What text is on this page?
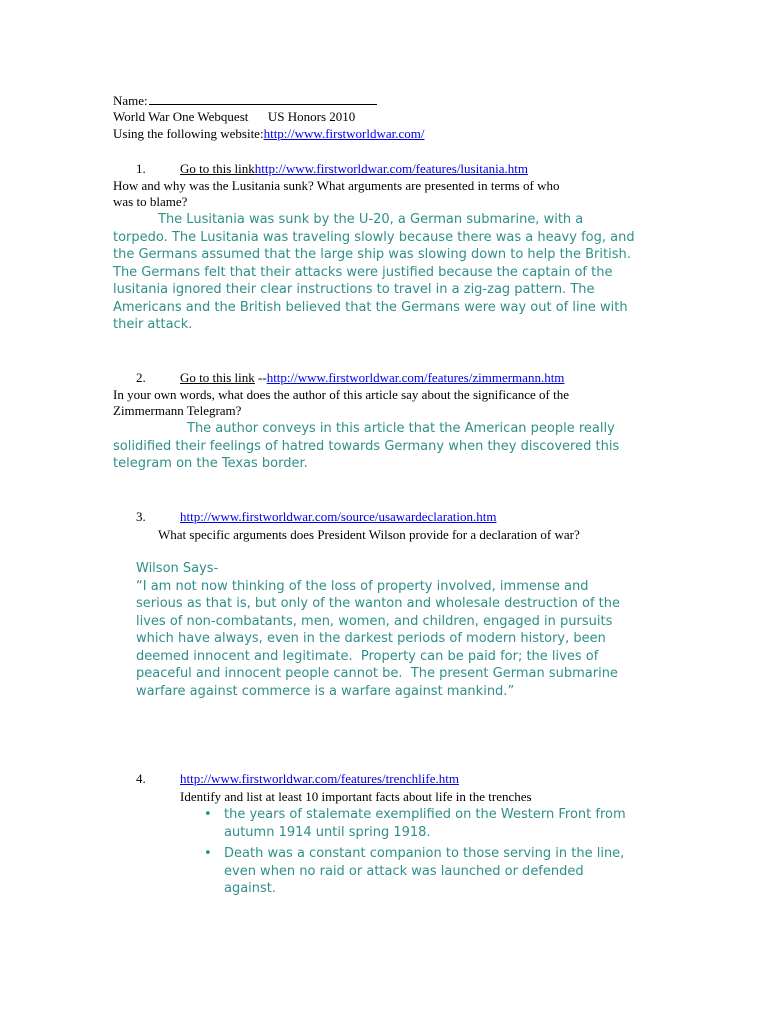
Name:
World War One Webquest      US Honors 2010
Using the following website:http://www.firstworldwar.com/
1.	Go to this linkhttp://www.firstworldwar.com/features/lusitania.htm
How and why was the Lusitania sunk? What arguments are presented in terms of who
was to blame?
The Lusitania was sunk by the U-20, a German submarine, with a
torpedo. The Lusitania was traveling slowly because there was a heavy fog, and
the Germans assumed that the large ship was slowing down to help the British.
The Germans felt that their attacks were justified because the captain of the
lusitania ignored their clear instructions to travel in a zig-zag pattern. The
Americans and the British believed that the Germans were way out of line with
their attack.
2.	Go to this link --http://www.firstworldwar.com/features/zimmermann.htm
In your own words, what does the author of this article say about the significance of the
Zimmermann Telegram?
The author conveys in this article that the American people really
solidified their feelings of hatred towards Germany when they discovered this
telegram on the Texas border.
3.	http://www.firstworldwar.com/source/usawardeclaration.htm
What specific arguments does President Wilson provide for a declaration of war?
Wilson Says-
“I am not now thinking of the loss of property involved, immense and
serious as that is, but only of the wanton and wholesale destruction of the
lives of non-combatants, men, women, and children, engaged in pursuits
which have always, even in the darkest periods of modern history, been
deemed innocent and legitimate.  Property can be paid for; the lives of
peaceful and innocent people cannot be.  The present German submarine
warfare against commerce is a warfare against mankind.”
4.	http://www.firstworldwar.com/features/trenchlife.htm
Identify and list at least 10 important facts about life in the trenches
• the years of stalemate exemplified on the Western Front from
autumn 1914 until spring 1918.
• Death was a constant companion to those serving in the line,
even when no raid or attack was launched or defended
against.
